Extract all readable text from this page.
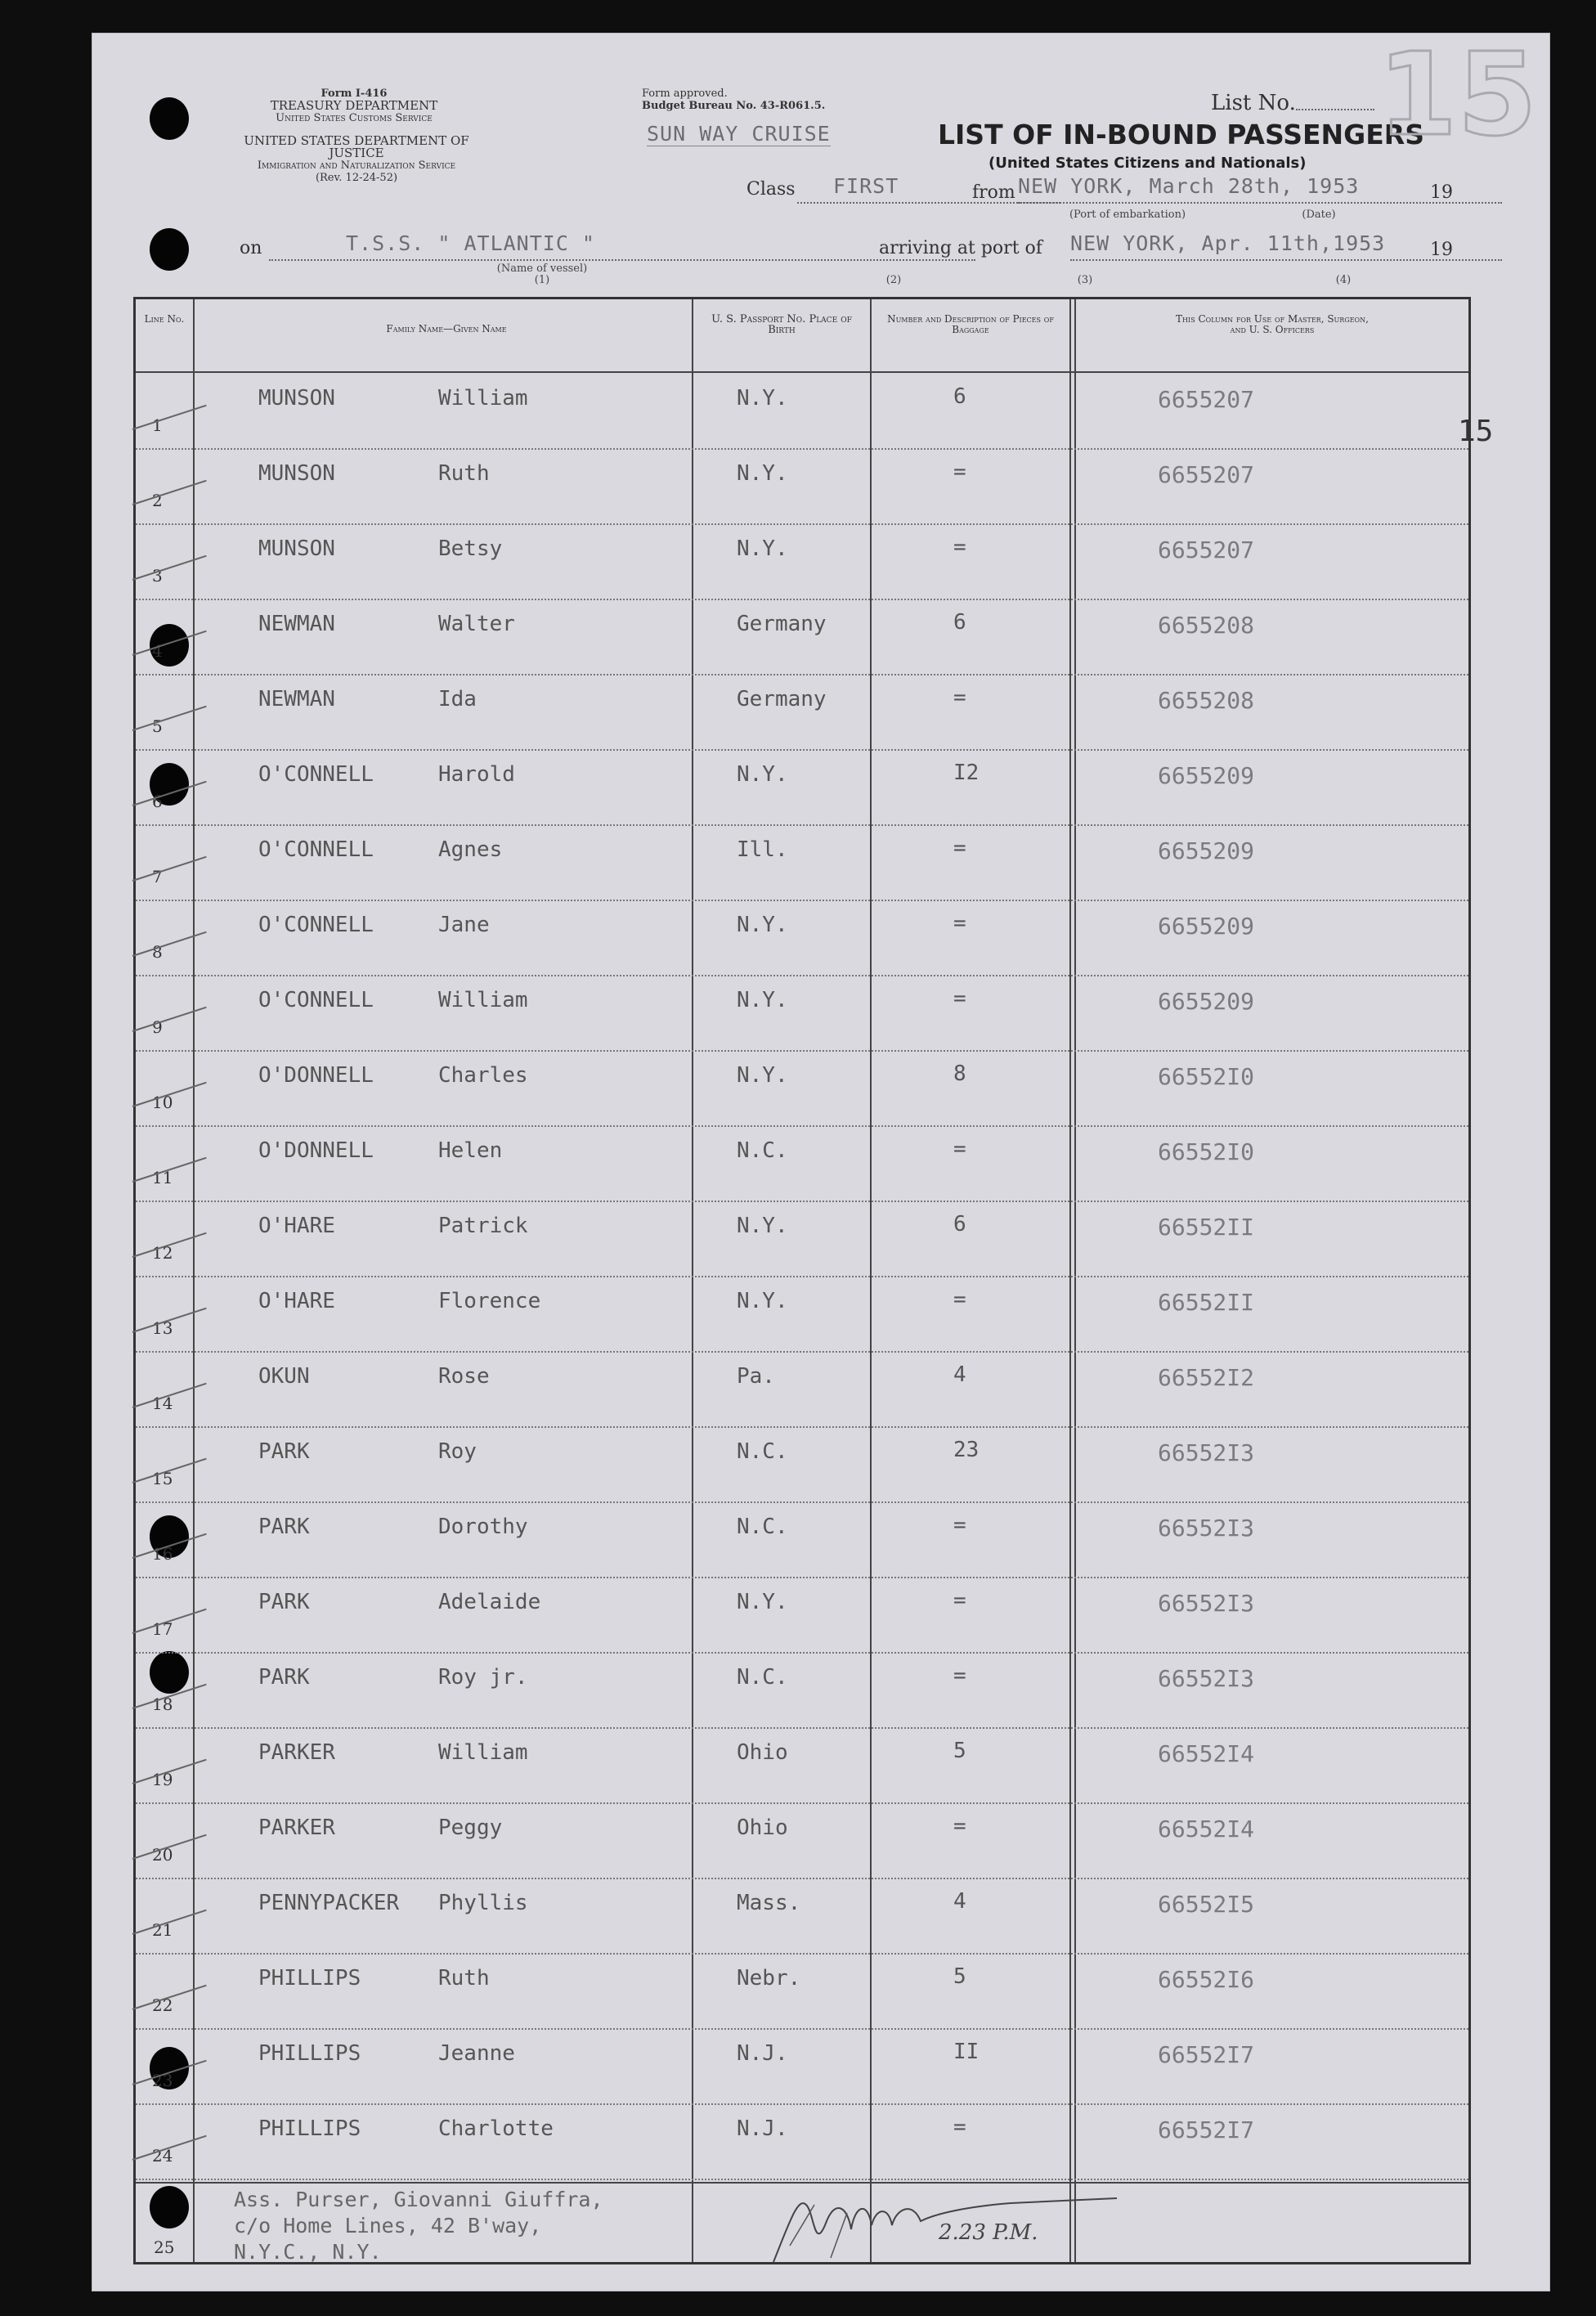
Form I-416
TREASURY DEPARTMENT
United States Customs Service
UNITED STATES DEPARTMENT OF JUSTICE
Immigration and Naturalization Service
(Rev. 12-24-52)
Form approved.
Budget Bureau No. 43-R061.5.
SUN WAY CRUISE	LIST OF IN-BOUND PASSENGERS
(United States Citizens and Nationals)
List No. 15
Class FIRST	from NEW YORK, March 28th, 1953	19
(Port of embarkation)	(Date)
on	T.S.S. " ATLANTIC "
(Name of vessel)
(1)
arriving at port of NEW YORK, Apr. 11th,1953 19
(2)	(3)	(4)
Line No.
Family Name—Given Name
U. S. Passport No. Place of Birth
Number and Description of Pieces of Baggage
This Column for Use of Master, Surgeon, and U. S. Officers
1
MUNSON	William	N.Y.	6	6655207
2
MUNSON	Ruth	N.Y.	=	6655207
3
MUNSON	Betsy	N.Y.	=	6655207
4
NEWMAN	Walter	Germany	6	6655208
5
NEWMAN	Ida	Germany	=	6655208
6
O'CONNELL	Harold	N.Y.	I2	6655209
7
O'CONNELL	Agnes	Ill.	=	6655209
8
O'CONNELL	Jane	N.Y.	=	6655209
9
O'CONNELL	William	N.Y.	=	6655209
10
O'DONNELL	Charles	N.Y.	8	66552I0
11
O'DONNELL	Helen	N.C.	=	66552I0
12
O'HARE	Patrick	N.Y.	6	66552II
13
O'HARE	Florence	N.Y.	=	66552II
14
OKUN	Rose	Pa.	4	66552I2
15
PARK	Roy	N.C.	23	66552I3
16
PARK	Dorothy	N.C.	=	66552I3
17
PARK	Adelaide	N.Y.	=	66552I3
18
PARK	Roy jr.	N.C.	=	66552I3
19
PARKER	William	Ohio	5	66552I4
20
PARKER	Peggy	Ohio	=	66552I4
21
PENNYPACKER Phyllis	Mass.	4	66552I5
22
PHILLIPS	Ruth	Nebr.	5	66552I6
23
PHILLIPS	Jeanne	N.J.	II	66552I7
24
PHILLIPS	Charlotte	N.J.	=	66552I7
25
Ass. Purser, Giovanni Giuffra,
c/o Home Lines, 42 B'way,
N.Y.C., N.Y.
2.23 P.M.
15
